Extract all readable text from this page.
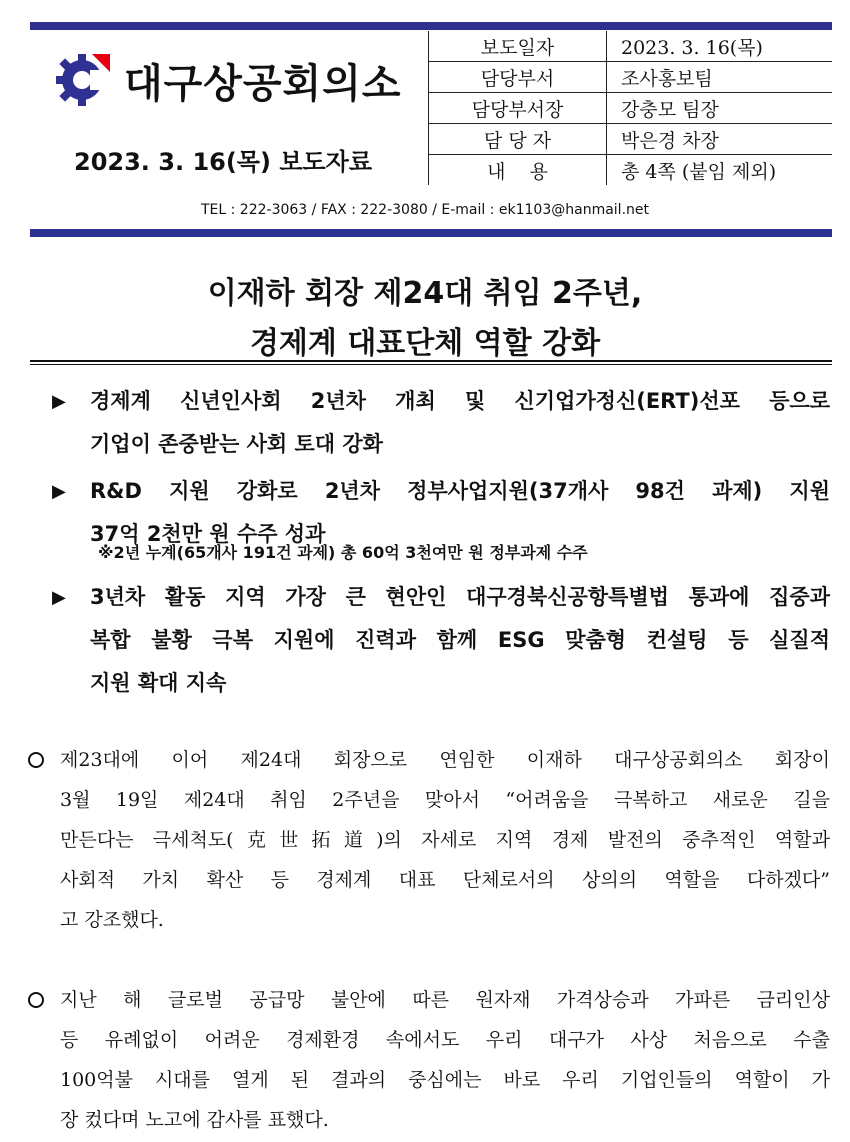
대구상공회의소
2023. 3. 16(목) 보도자료
보도일자	2023. 3. 16(목)
담당부서	조사홍보팀
담당부서장	강충모 팀장
담 당 자	박은경 차장
내    용	총 4쪽 (붙임 제외)
TEL : 222-3063 / FAX : 222-3080 / E-mail : ek1103@hanmail.net
이재하 회장 제24대 취임 2주년,
경제계 대표단체 역할 강화
▶ 경제계 신년인사회 2년차 개최 및 신기업가정신(ERT)선포 등으로
기업이 존중받는 사회 토대 강화
▶ R&D 지원 강화로 2년차 정부사업지원(37개사 98건 과제) 지원
37억 2천만 원 수주 성과
▶ 3년차 활동 지역 가장 큰 현안인 대구경북신공항특별법 통과에 집중과
복합 불황 극복 지원에 진력과 함께 ESG 맞춤형 컨설팅 등 실질적
지원 확대 지속
※2년 누계(65개사 191건 과제) 총 60억 3천여만 원 정부과제 수주
제23대에 이어 제24대 회장으로 연임한 이재하 대구상공회의소 회장이
3월 19일 제24대 취임 2주년을 맞아서 “어려움을 극복하고 새로운 길을
만든다는 극세척도(克世拓道)의 자세로 지역 경제 발전의 중추적인 역할과
사회적 가치 확산 등 경제계 대표 단체로서의 상의의 역할을 다하겠다”
고 강조했다.
지난 해 글로벌 공급망 불안에 따른 원자재 가격상승과 가파른 금리인상
등 유례없이 어려운 경제환경 속에서도 우리 대구가 사상 처음으로 수출
100억불 시대를 열게 된 결과의 중심에는 바로 우리 기업인들의 역할이 가
장 컸다며 노고에 감사를 표했다.
